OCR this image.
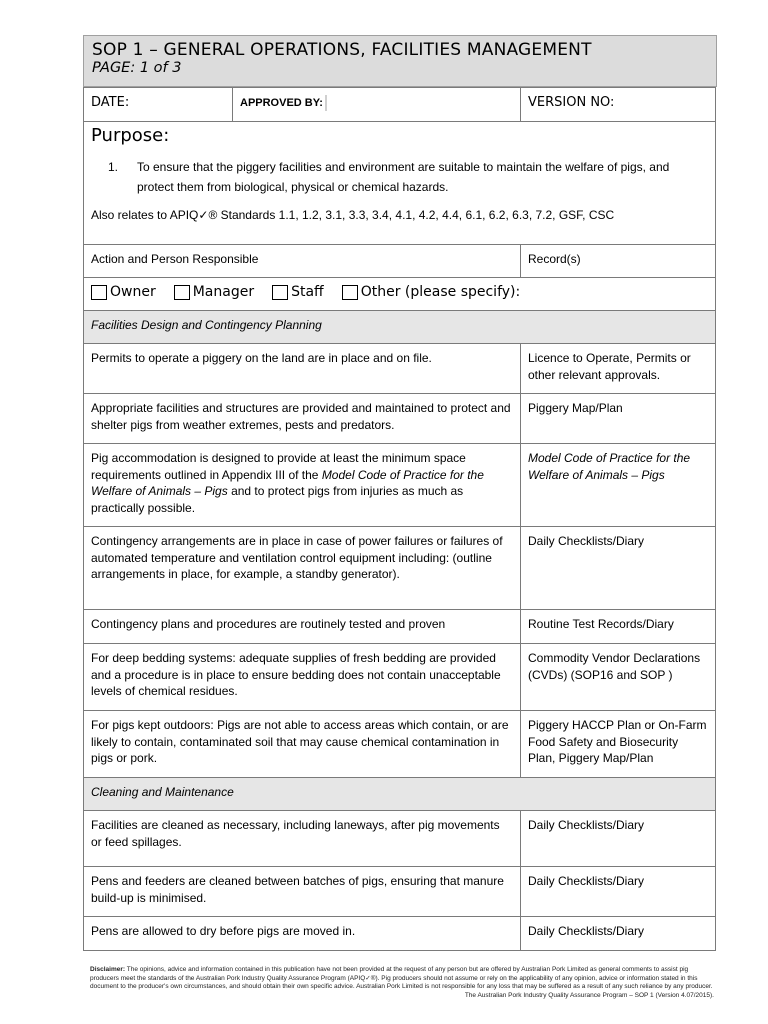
SOP 1 – GENERAL OPERATIONS, FACILITIES MANAGEMENT
PAGE: 1 of 3
DATE:	APPROVED BY:	VERSION NO:

Purpose:
1. To ensure that the piggery facilities and environment are suitable to maintain the welfare of pigs, and protect them from biological, physical or chemical hazards.
Also relates to APIQ✓® Standards 1.1, 1.2, 3.1, 3.3, 3.4, 4.1, 4.2, 4.4, 6.1, 6.2, 6.3, 7.2, GSF, CSC		

Action and Person Responsible		Record(s)

Owner Manager Staff Other (please specify):		

Facilities Design and Contingency Planning		
Permits to operate a piggery on the land are in place and on file.		Licence to Operate, Permits or other relevant approvals.
Appropriate facilities and structures are provided and maintained to protect and shelter pigs from weather extremes, pests and predators.		Piggery Map/Plan
Pig accommodation is designed to provide at least the minimum space requirements outlined in Appendix III of the Model Code of Practice for the Welfare of Animals – Pigs and to protect pigs from injuries as much as practically possible.		Model Code of Practice for the Welfare of Animals – Pigs
Contingency arrangements are in place in case of power failures or failures of automated temperature and ventilation control equipment including: (outline arrangements in place, for example, a standby generator).		Daily Checklists/Diary
Contingency plans and procedures are routinely tested and proven		Routine Test Records/Diary
For deep bedding systems: adequate supplies of fresh bedding are provided and a procedure is in place to ensure bedding does not contain unacceptable levels of chemical residues.		Commodity Vendor Declarations (CVDs) (SOP16 and SOP )
For pigs kept outdoors: Pigs are not able to access areas which contain, or are likely to contain, contaminated soil that may cause chemical contamination in pigs or pork.		Piggery HACCP Plan or On-Farm Food Safety and Biosecurity Plan, Piggery Map/Plan
Cleaning and Maintenance		
Facilities are cleaned as necessary, including laneways, after pig movements or feed spillages.		Daily Checklists/Diary
Pens and feeders are cleaned between batches of pigs, ensuring that manure build-up is minimised.		Daily Checklists/Diary
Pens are allowed to dry before pigs are moved in.		Daily Checklists/Diary
Disclaimer: The opinions, advice and information contained in this publication have not been provided at the request of any person but are offered by Australian Pork Limited as general comments to assist pig producers meet the standards of the Australian Pork Industry Quality Assurance Program (APIQ✓®). Pig producers should not assume or rely on the applicability of any opinion, advice or information stated in this document to the producer's own circumstances, and should obtain their own specific advice. Australian Pork Limited is not responsible for any loss that may be suffered as a result of any such reliance by any producer.
The Australian Pork Industry Quality Assurance Program – SOP 1 (Version 4.07/2015).
